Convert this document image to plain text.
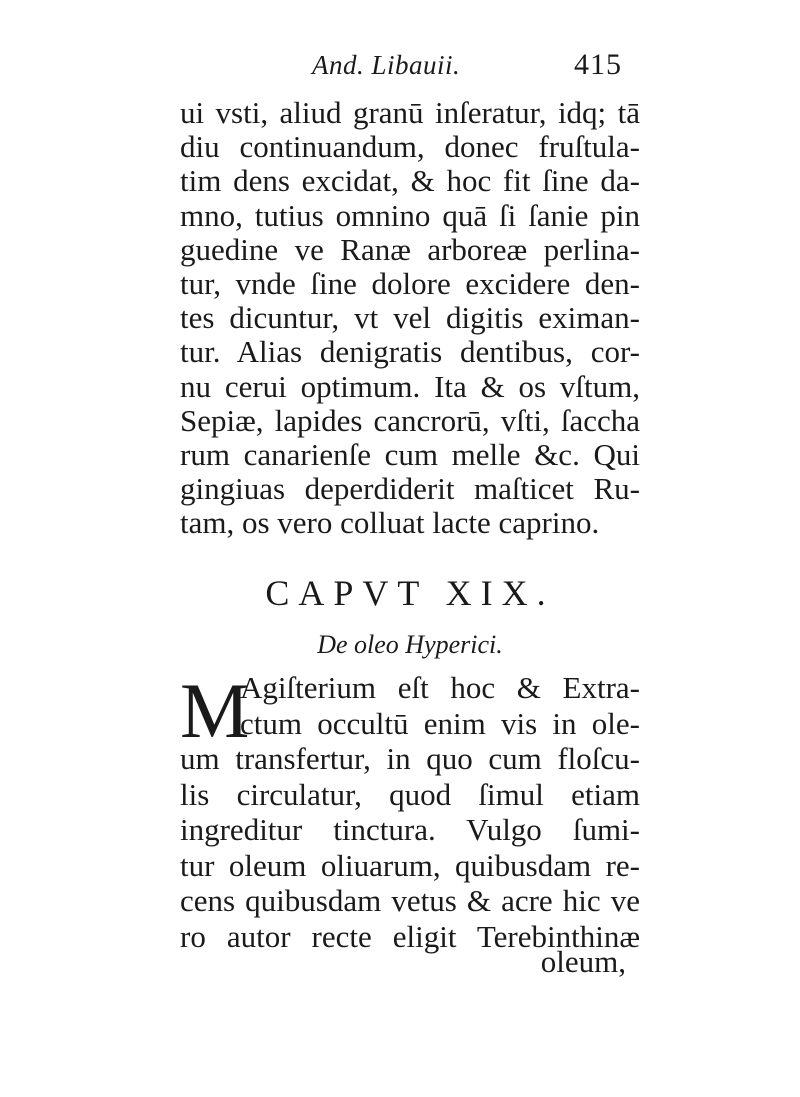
And. Libauii.	415
ui vsti, aliud granū inſeratur, idq; tā
diu continuandum, donec fruſtula-
tim dens excidat, & hoc fit ſine da-
mno, tutius omnino quā ſi ſanie pin
guedine ve Ranæ arboreæ perlina-
tur, vnde ſine dolore excidere den-
tes dicuntur, vt vel digitis eximan-
tur. Alias denigratis dentibus, cor-
nu cerui optimum. Ita & os vſtum,
Sepiæ, lapides cancrorū, vſti, ſaccha
rum canarienſe cum melle &c. Qui
gingiuas deperdiderit maſticet Ru-
tam, os vero colluat lacte caprino.
CAPVT XIX.
De oleo Hyperici.
M
Agiſterium eſt hoc & Extra-
ctum occultū enim vis in ole-
um transfertur, in quo cum floſcu-
lis circulatur, quod ſimul etiam
ingreditur tinctura. Vulgo ſumi-
tur oleum oliuarum, quibusdam re-
cens quibusdam vetus & acre hic ve
ro autor recte eligit Terebinthinæ
oleum,
